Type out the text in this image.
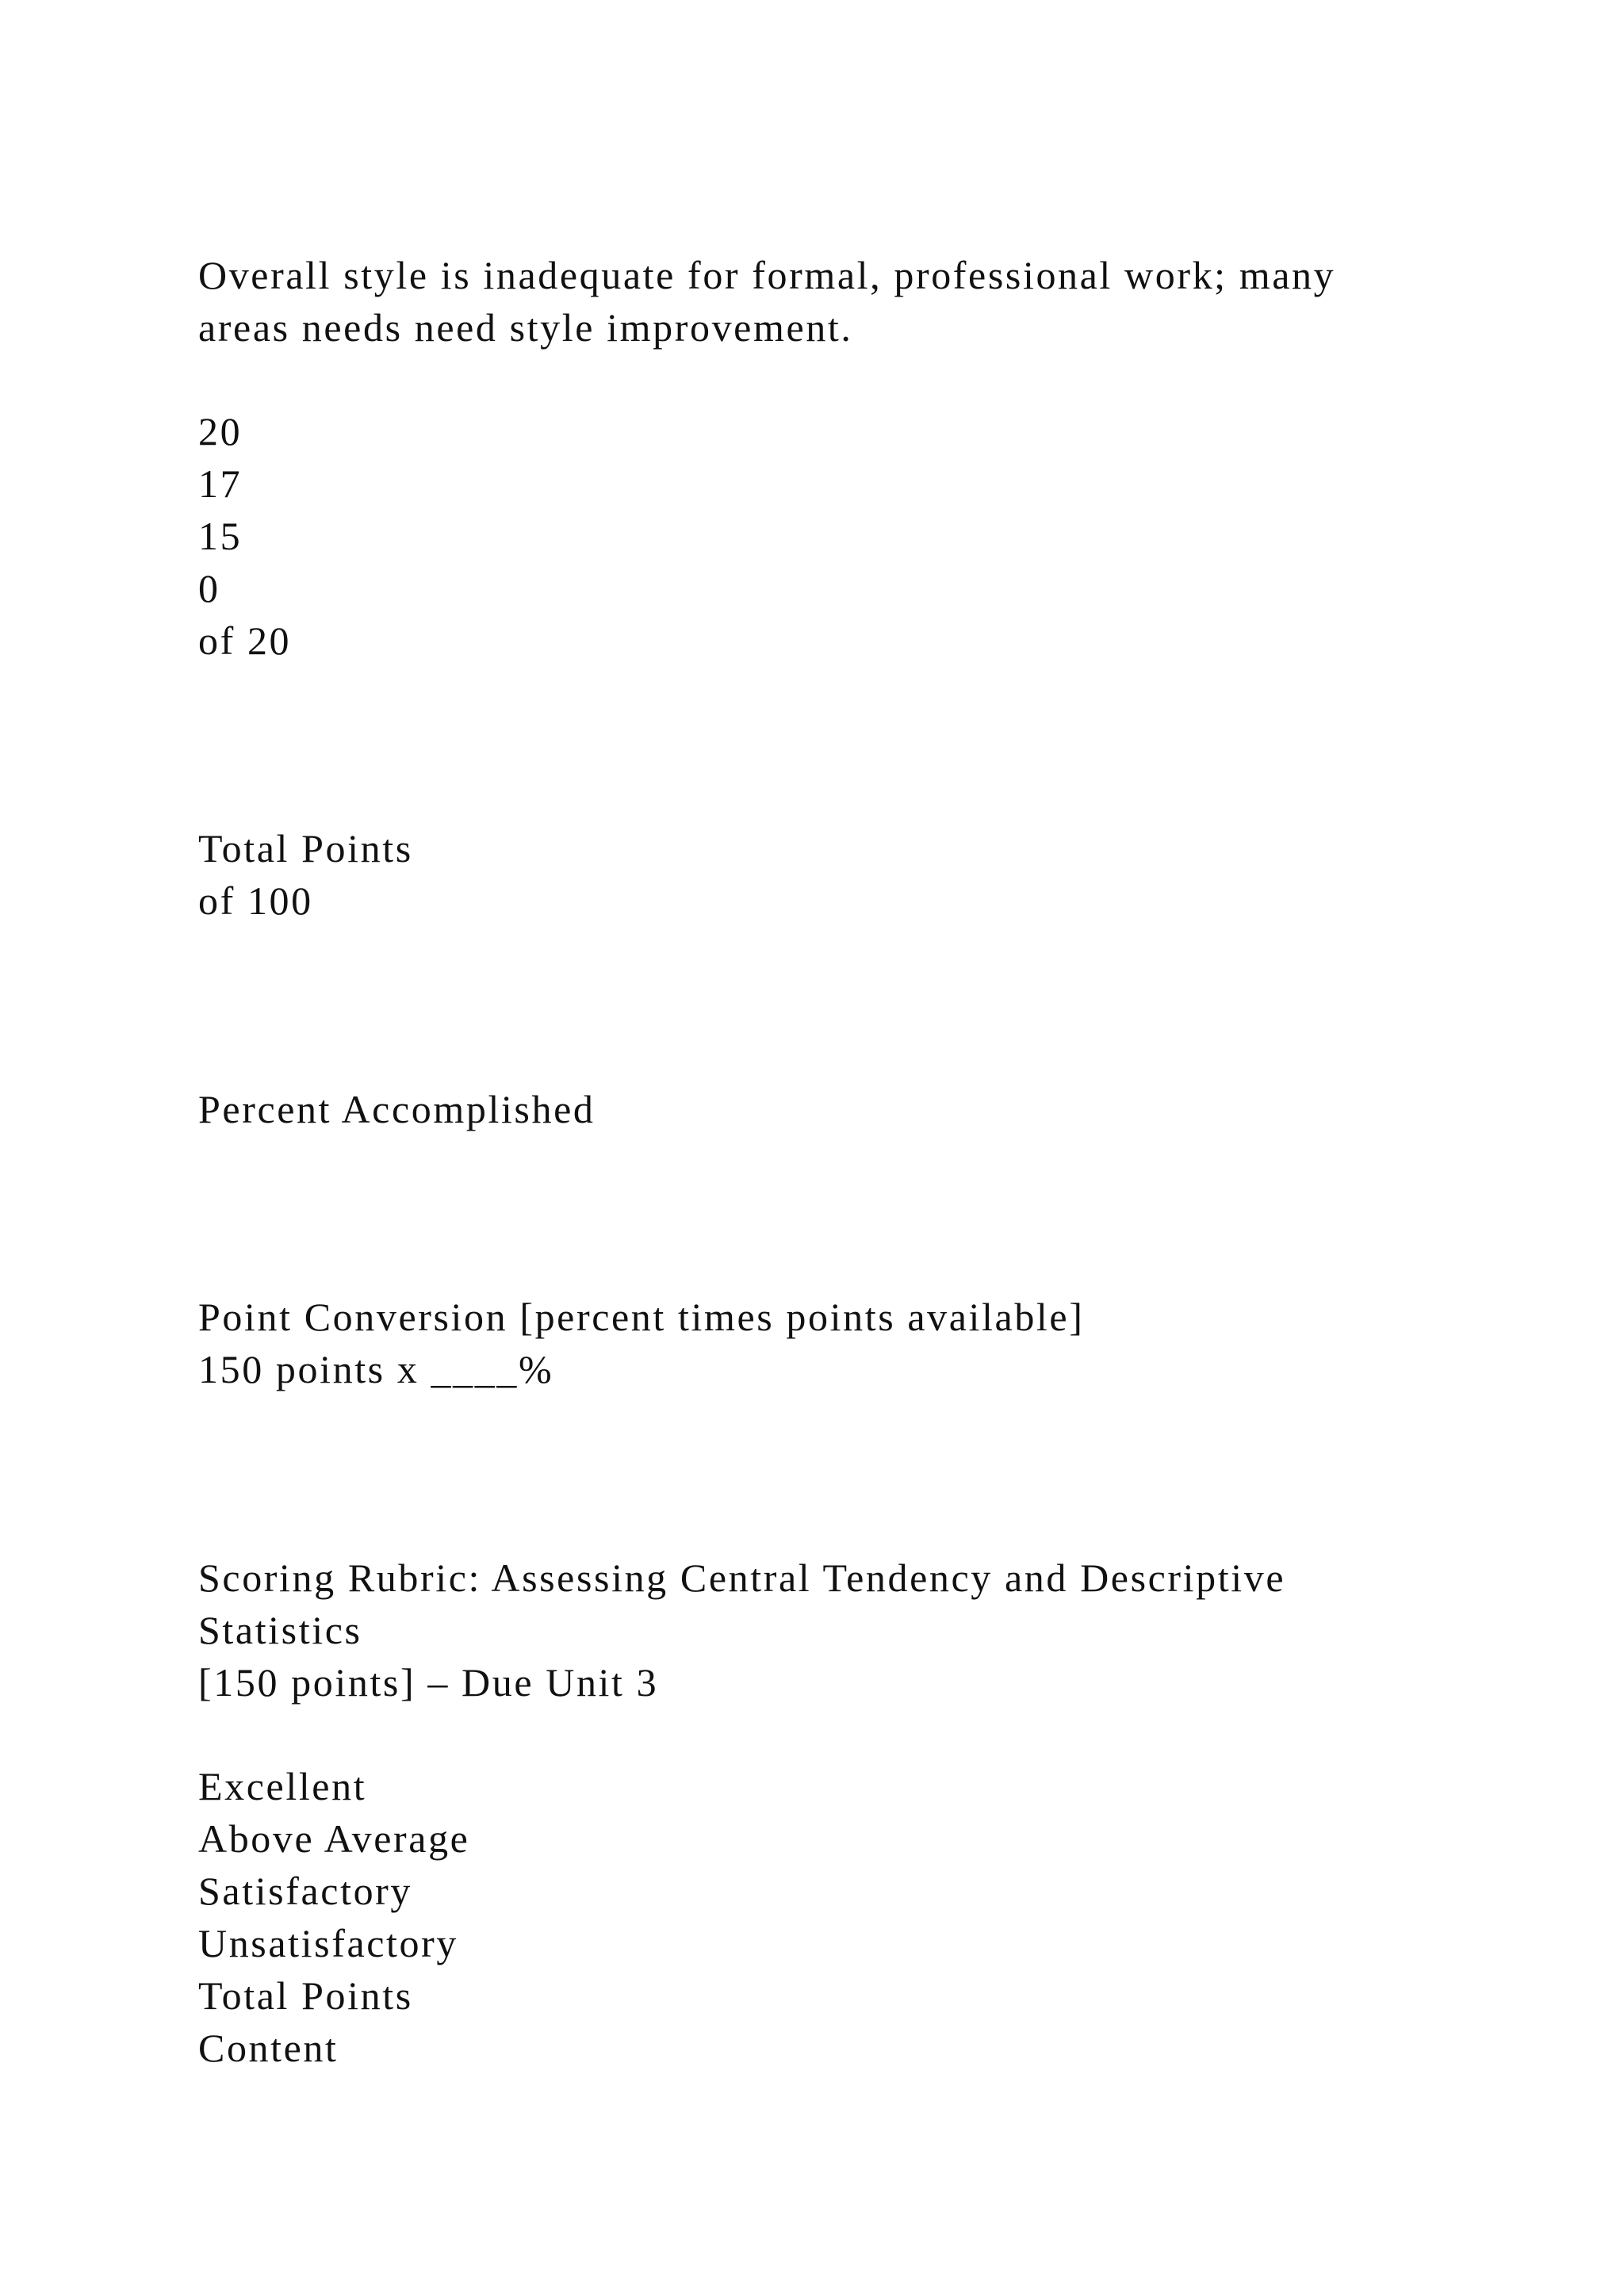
Overall style is inadequate for formal, professional work; many
areas needs need style improvement.
20
17
15
0
of 20
Total Points
of 100
Percent Accomplished
Point Conversion [percent times points available]
150 points x ____%
Scoring Rubric: Assessing Central Tendency and Descriptive
Statistics
[150 points] – Due Unit 3
Excellent
Above Average
Satisfactory
Unsatisfactory
Total Points
Content
